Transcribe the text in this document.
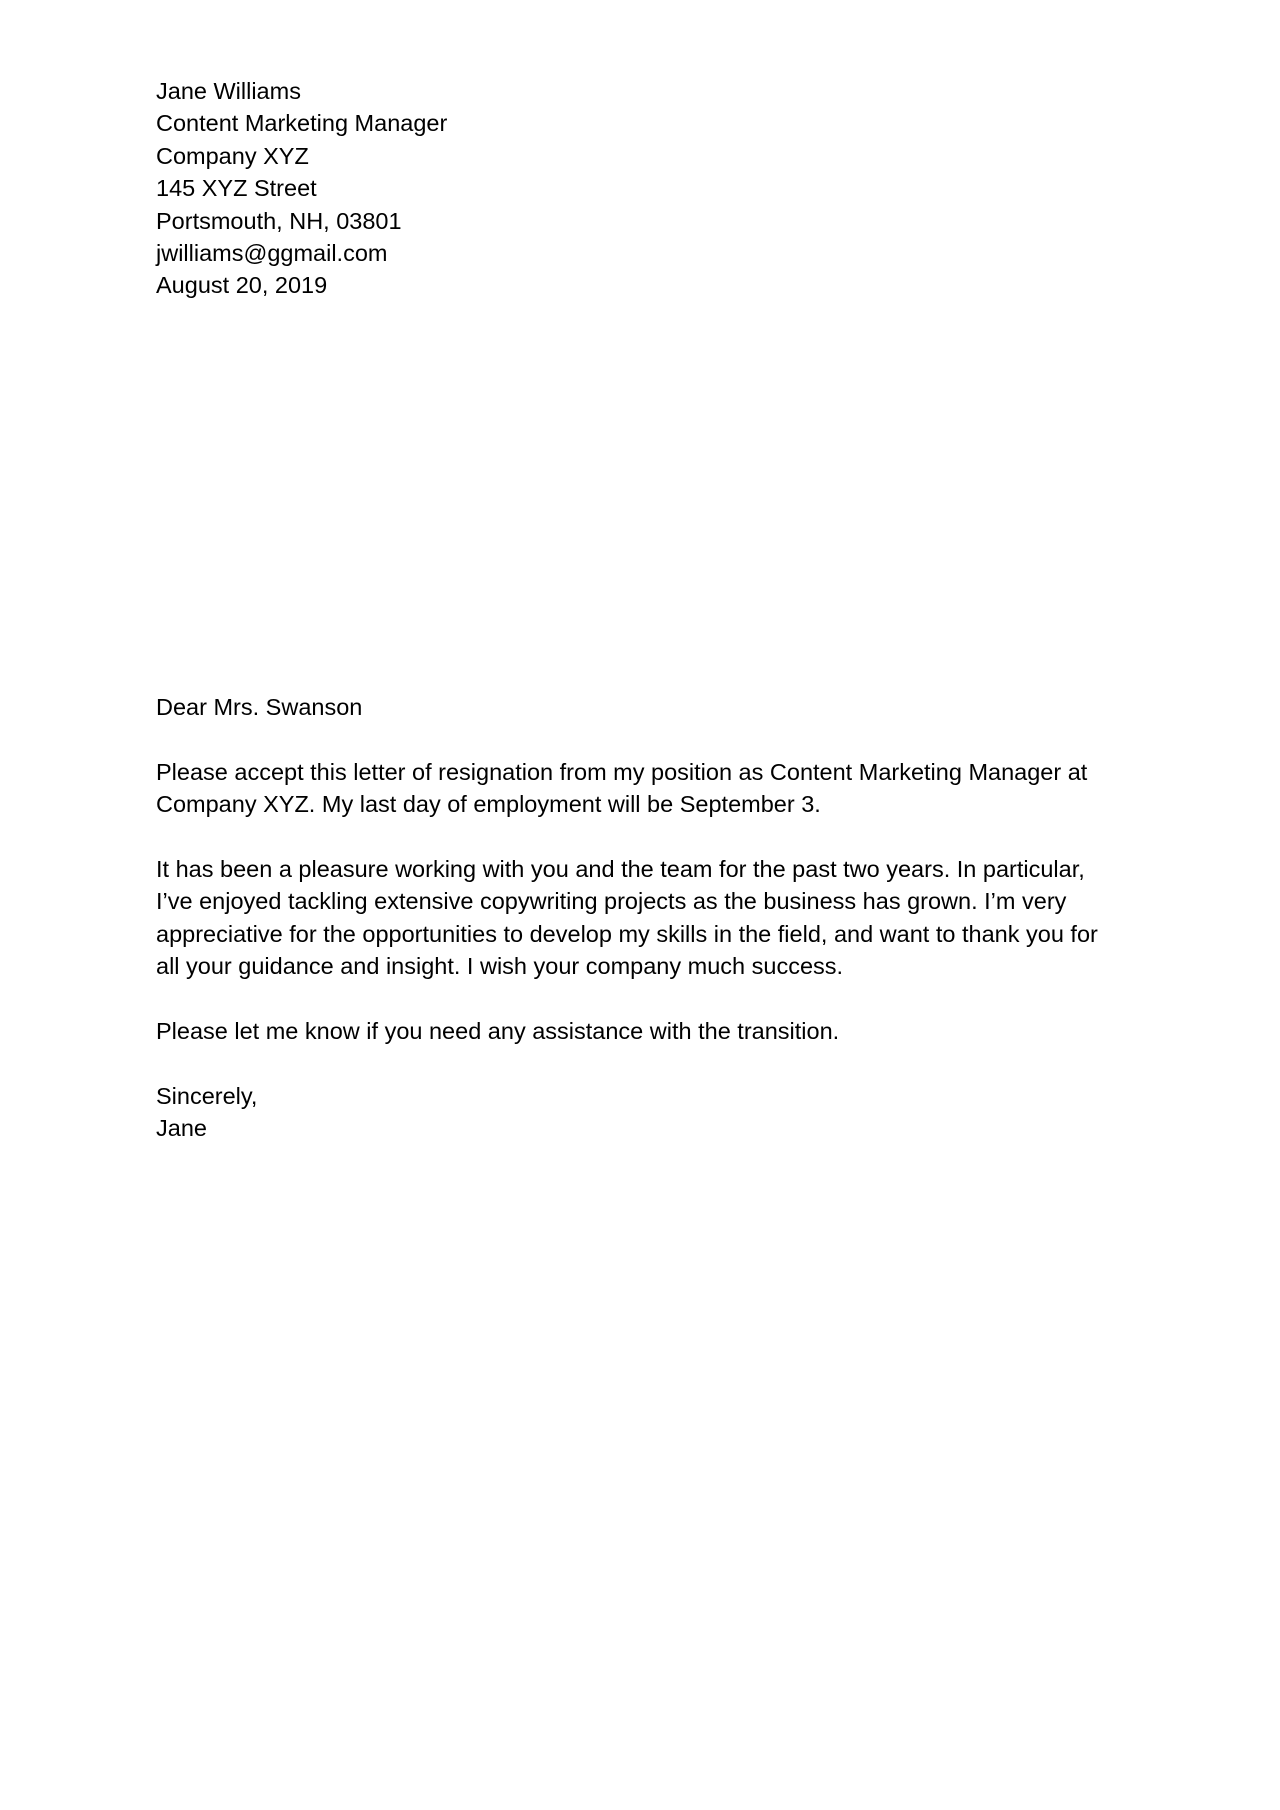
Jane Williams
Content Marketing Manager
Company XYZ
145 XYZ Street
Portsmouth, NH, 03801
jwilliams@ggmail.com
August 20, 2019
Dear Mrs. Swanson
Please accept this letter of resignation from my position as Content Marketing Manager at
Company XYZ. My last day of employment will be September 3.
It has been a pleasure working with you and the team for the past two years. In particular,
I’ve enjoyed tackling extensive copywriting projects as the business has grown. I’m very
appreciative for the opportunities to develop my skills in the field, and want to thank you for
all your guidance and insight. I wish your company much success.
Please let me know if you need any assistance with the transition.
Sincerely,
Jane
